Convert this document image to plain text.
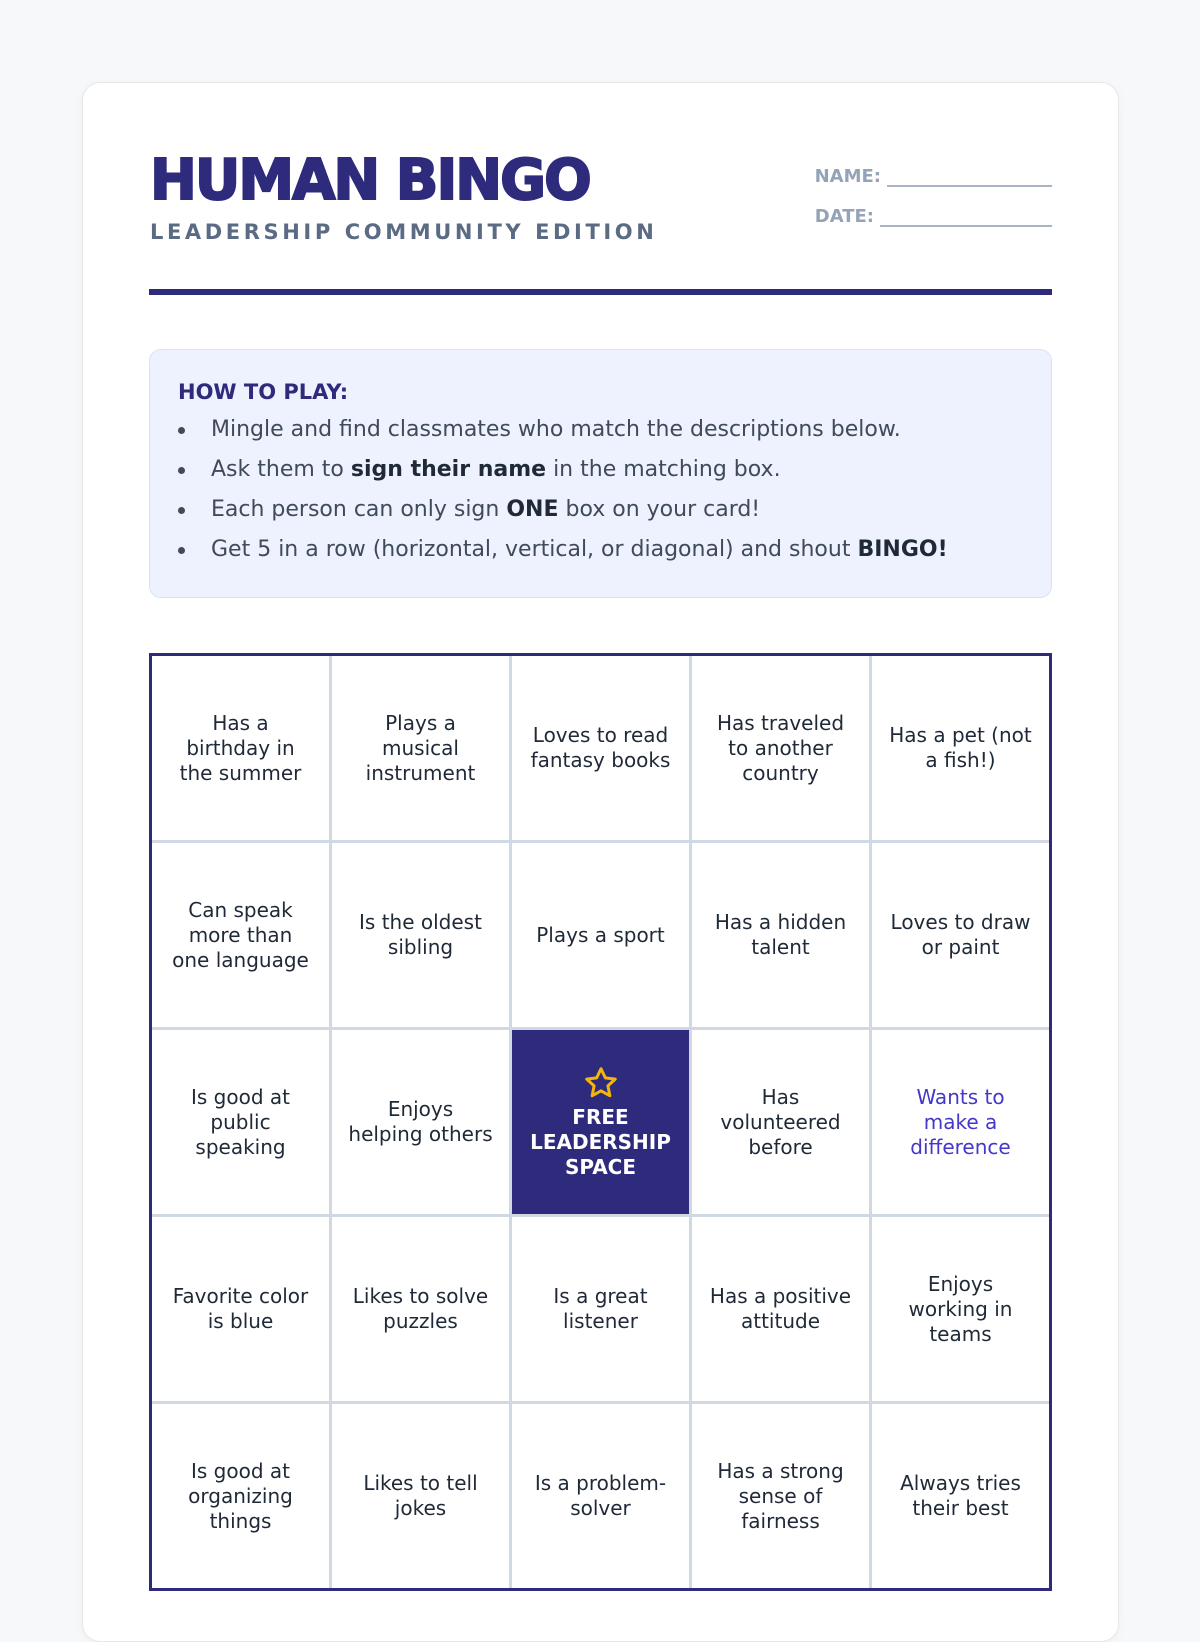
HUMAN BINGO
LEADERSHIP COMMUNITY EDITION
NAME:
DATE:
HOW TO PLAY:
Mingle and find classmates who match the descriptions below.
Ask them to sign their name in the matching box.
Each person can only sign ONE box on your card!
Get 5 in a row (horizontal, vertical, or diagonal) and shout BINGO!
Has a birthday in the summer
Plays a musical instrument
Loves to read fantasy books
Has traveled to another country
Has a pet (not a fish!)
Can speak more than one language
Is the oldest sibling
Plays a sport
Has a hidden talent
Loves to draw or paint
Is good at public speaking
Enjoys helping others
FREE LEADERSHIP SPACE
Has volunteered before
Wants to make a difference
Favorite color is blue
Likes to solve puzzles
Is a great listener
Has a positive attitude
Enjoys working in teams
Is good at organizing things
Likes to tell jokes
Is a problem-solver
Has a strong sense of fairness
Always tries their best
